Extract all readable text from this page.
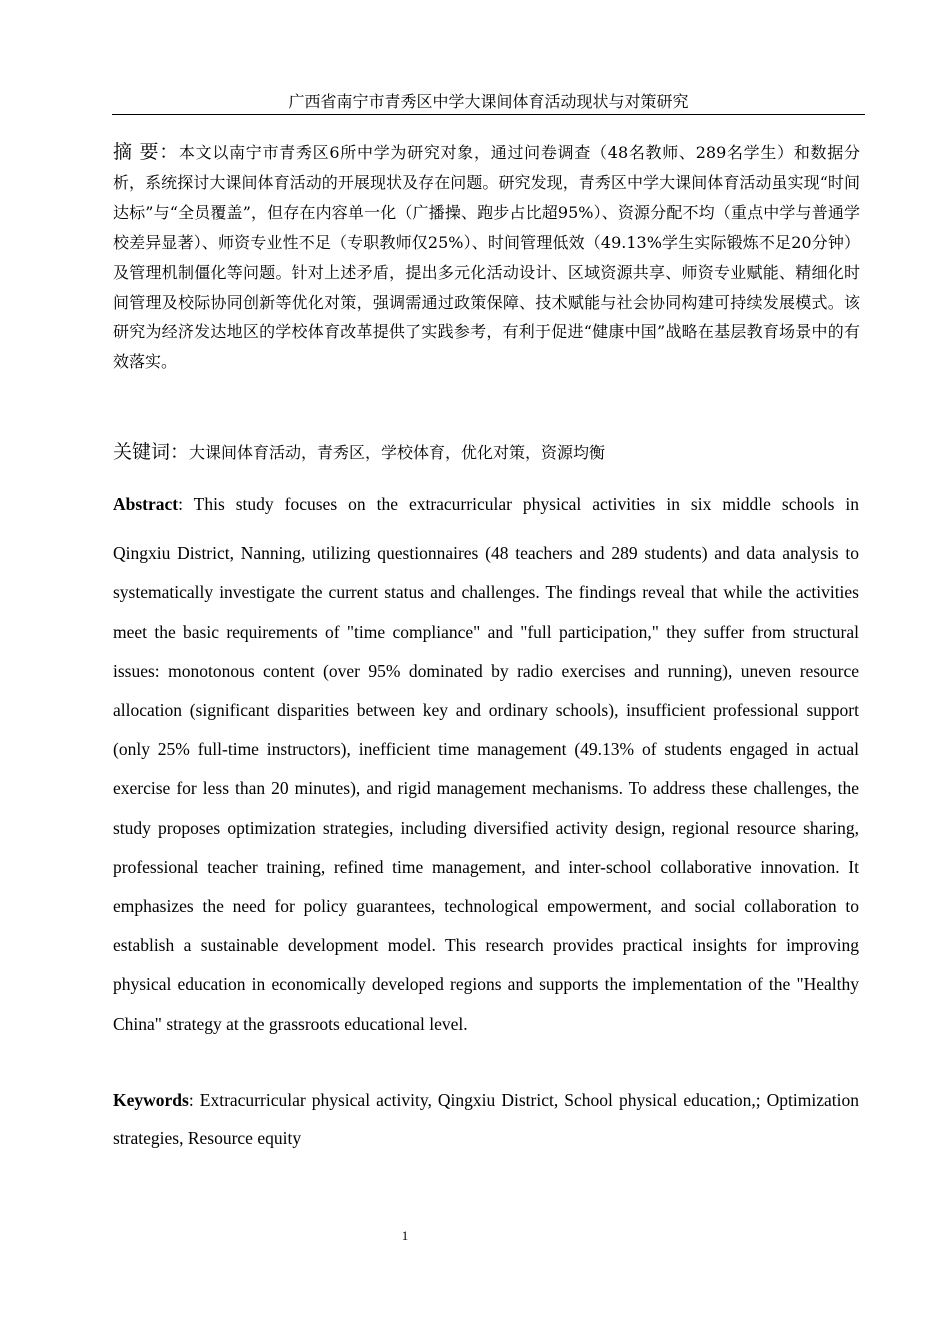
广西省南宁市青秀区中学大课间体育活动现状与对策研究
摘 要：本文以南宁市青秀区6所中学为研究对象，通过问卷调查（48名教师、289名学生）和数据分析，系统探讨大课间体育活动的开展现状及存在问题。研究发现，青秀区中学大课间体育活动虽实现“时间达标”与“全员覆盖”，但存在内容单一化（广播操、跑步占比超95%）、资源分配不均（重点中学与普通学校差异显著）、师资专业性不足（专职教师仅25%）、时间管理低效（49.13%学生实际锻炼不足20分钟）及管理机制僵化等问题。针对上述矛盾，提出多元化活动设计、区域资源共享、师资专业赋能、精细化时间管理及校际协同创新等优化对策，强调需通过政策保障、技术赋能与社会协同构建可持续发展模式。该研究为经济发达地区的学校体育改革提供了实践参考，有利于促进“健康中国”战略在基层教育场景中的有效落实。
关键词：大课间体育活动，青秀区，学校体育，优化对策，资源均衡
Abstract: This study focuses on the extracurricular physical activities in six middle schools in
Qingxiu District, Nanning, utilizing questionnaires (48 teachers and 289 students) and data analysis to systematically investigate the current status and challenges. The findings reveal that while the activities meet the basic requirements of "time compliance" and "full participation," they suffer from structural issues: monotonous content (over 95% dominated by radio exercises and running), uneven resource allocation (significant disparities between key and ordinary schools), insufficient professional support (only 25% full-time instructors), inefficient time management (49.13% of students engaged in actual exercise for less than 20 minutes), and rigid management mechanisms. To address these challenges, the study proposes optimization strategies, including diversified activity design, regional resource sharing, professional teacher training, refined time management, and inter-school collaborative innovation. It emphasizes the need for policy guarantees, technological empowerment, and social collaboration to establish a sustainable development model. This research provides practical insights for improving physical education in economically developed regions and supports the implementation of the "Healthy China" strategy at the grassroots educational level.
Keywords: Extracurricular physical activity, Qingxiu District, School physical education,; Optimization strategies, Resource equity
1
